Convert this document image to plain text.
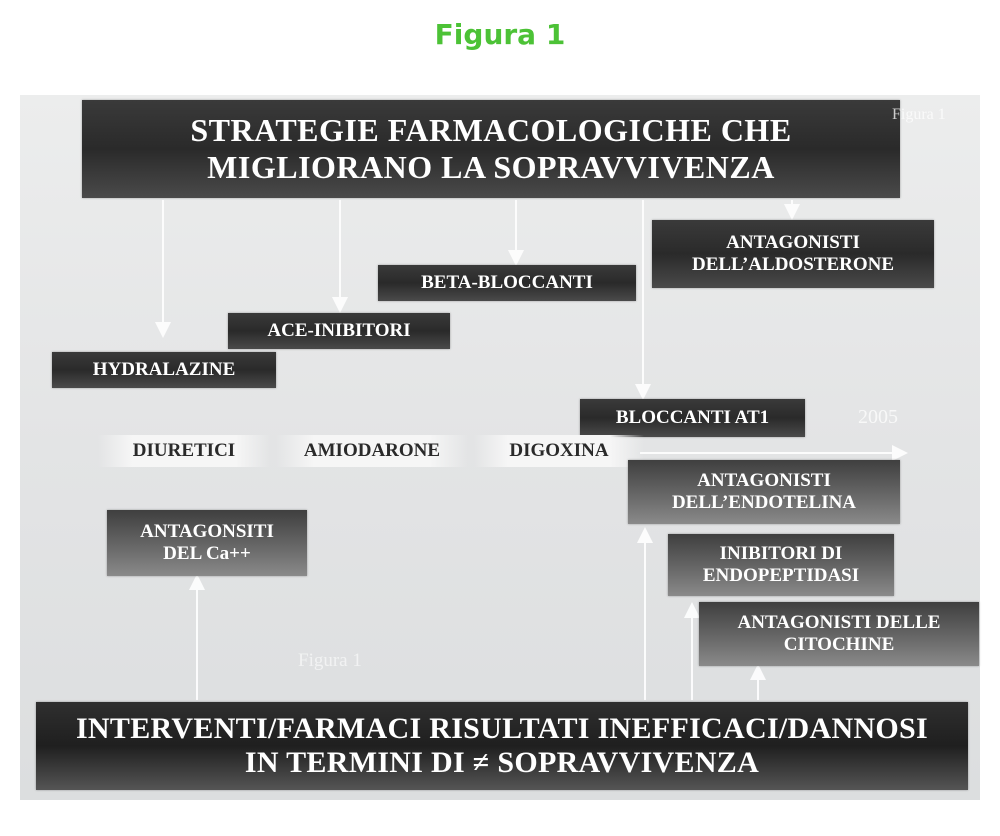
Figura 1
STRATEGIE FARMACOLOGICHE CHE
MIGLIORANO LA SOPRAVVIVENZA
Figura 1
ANTAGONISTI
DELL’ALDOSTERONE
BETA-BLOCCANTI
ACE-INIBITORI
HYDRALAZINE
BLOCCANTI AT1	2005
DIURETICI	AMIODARONE	DIGOXINA
ANTAGONISTI
DELL’ENDOTELINA
ANTAGONSITI
DEL Ca++	INIBITORI DI
ENDOPEPTIDASI
ANTAGONISTI DELLE
CITOCHINE
Figura 1
INTERVENTI/FARMACI RISULTATI INEFFICACI/DANNOSI
IN TERMINI DI ≠ SOPRAVVIVENZA
